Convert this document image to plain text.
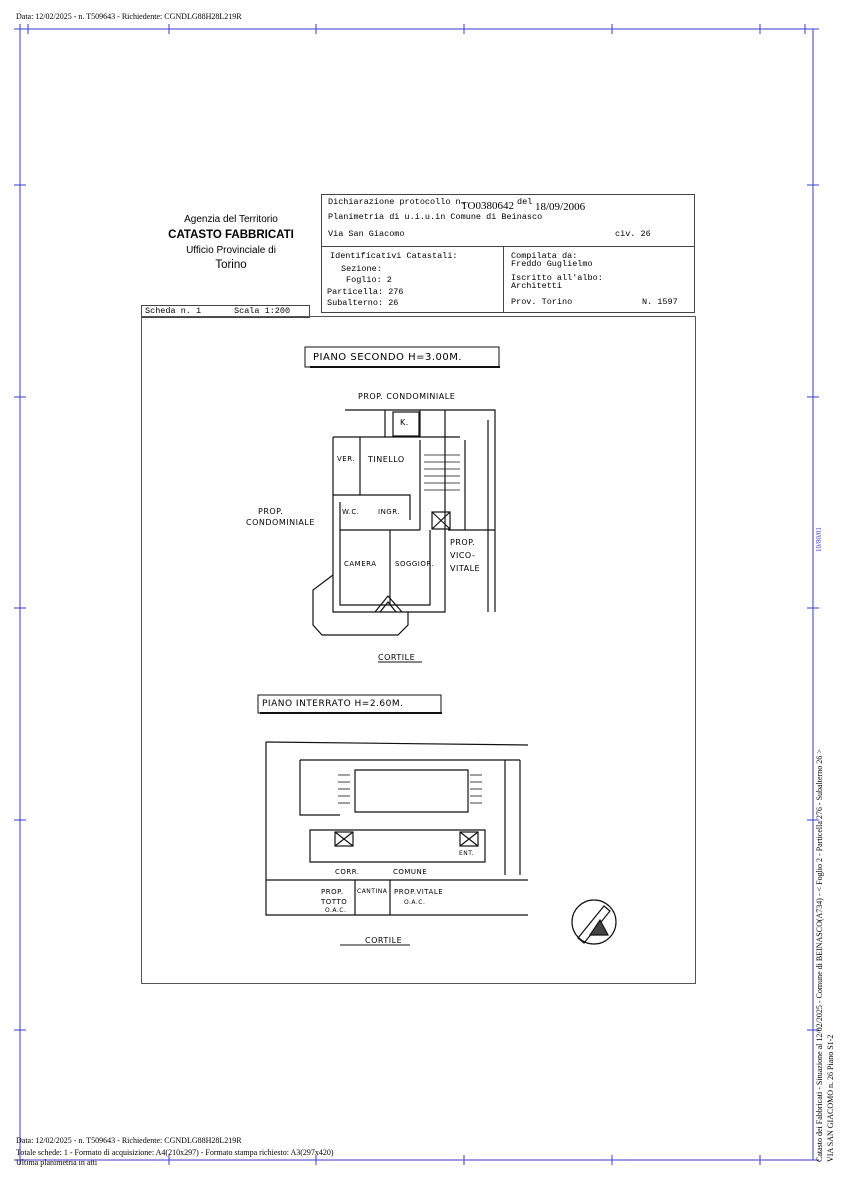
Data: 12/02/2025 - n. T509643 - Richiedente: CGNDLG88H28L219R
Agenzia del Territorio
CATASTO FABBRICATI
Ufficio Provinciale di
Torino
Dichiarazione protocollo n.
TO0380642 del 18/09/2006
Planimetria di u.i.u.in Comune di Beinasco
Via San Giacomo	civ. 26
Identificativi Catastali:
Sezione:
Foglio: 2
Particella: 276
Subalterno: 26
Compilata da:
Freddo Guglielmo
Iscritto all'albo:
Architetti
Prov. Torino	N. 1597
Scheda n. 1	Scala 1:200
PIANO SECONDO H=3.00M.
PROP. CONDOMINIALE
K.
VER. TINELLO
W.C.	INGR.
PROP.
CONDOMINIALE
CAMERA	SOGGIOR.
PROP.
VICO-
VITALE
CORTILE
PIANO INTERRATO H=2.60M.
CORR.	COMUNE
ENT.
PROP.
TOTTO
O.A.C.
CANTINA PROP.VITALE
O.A.C.
CORTILE	Catasto dei Fabbricati - Situazione al 12/02/2025 - Comune di BEINASCO(A734) - < Foglio 2 - Particella 276 - Subalterno 26 > VIA SAN GIACOMO n. 26 Piano S1-2
10/80/01
Data: 12/02/2025 - n. T509643 - Richiedente: CGNDLG88H28L219R
Totale schede: 1 - Formato di acquisizione: A4(210x297) - Formato stampa richiesto: A3(297x420)
Ultima planimetria in atti
